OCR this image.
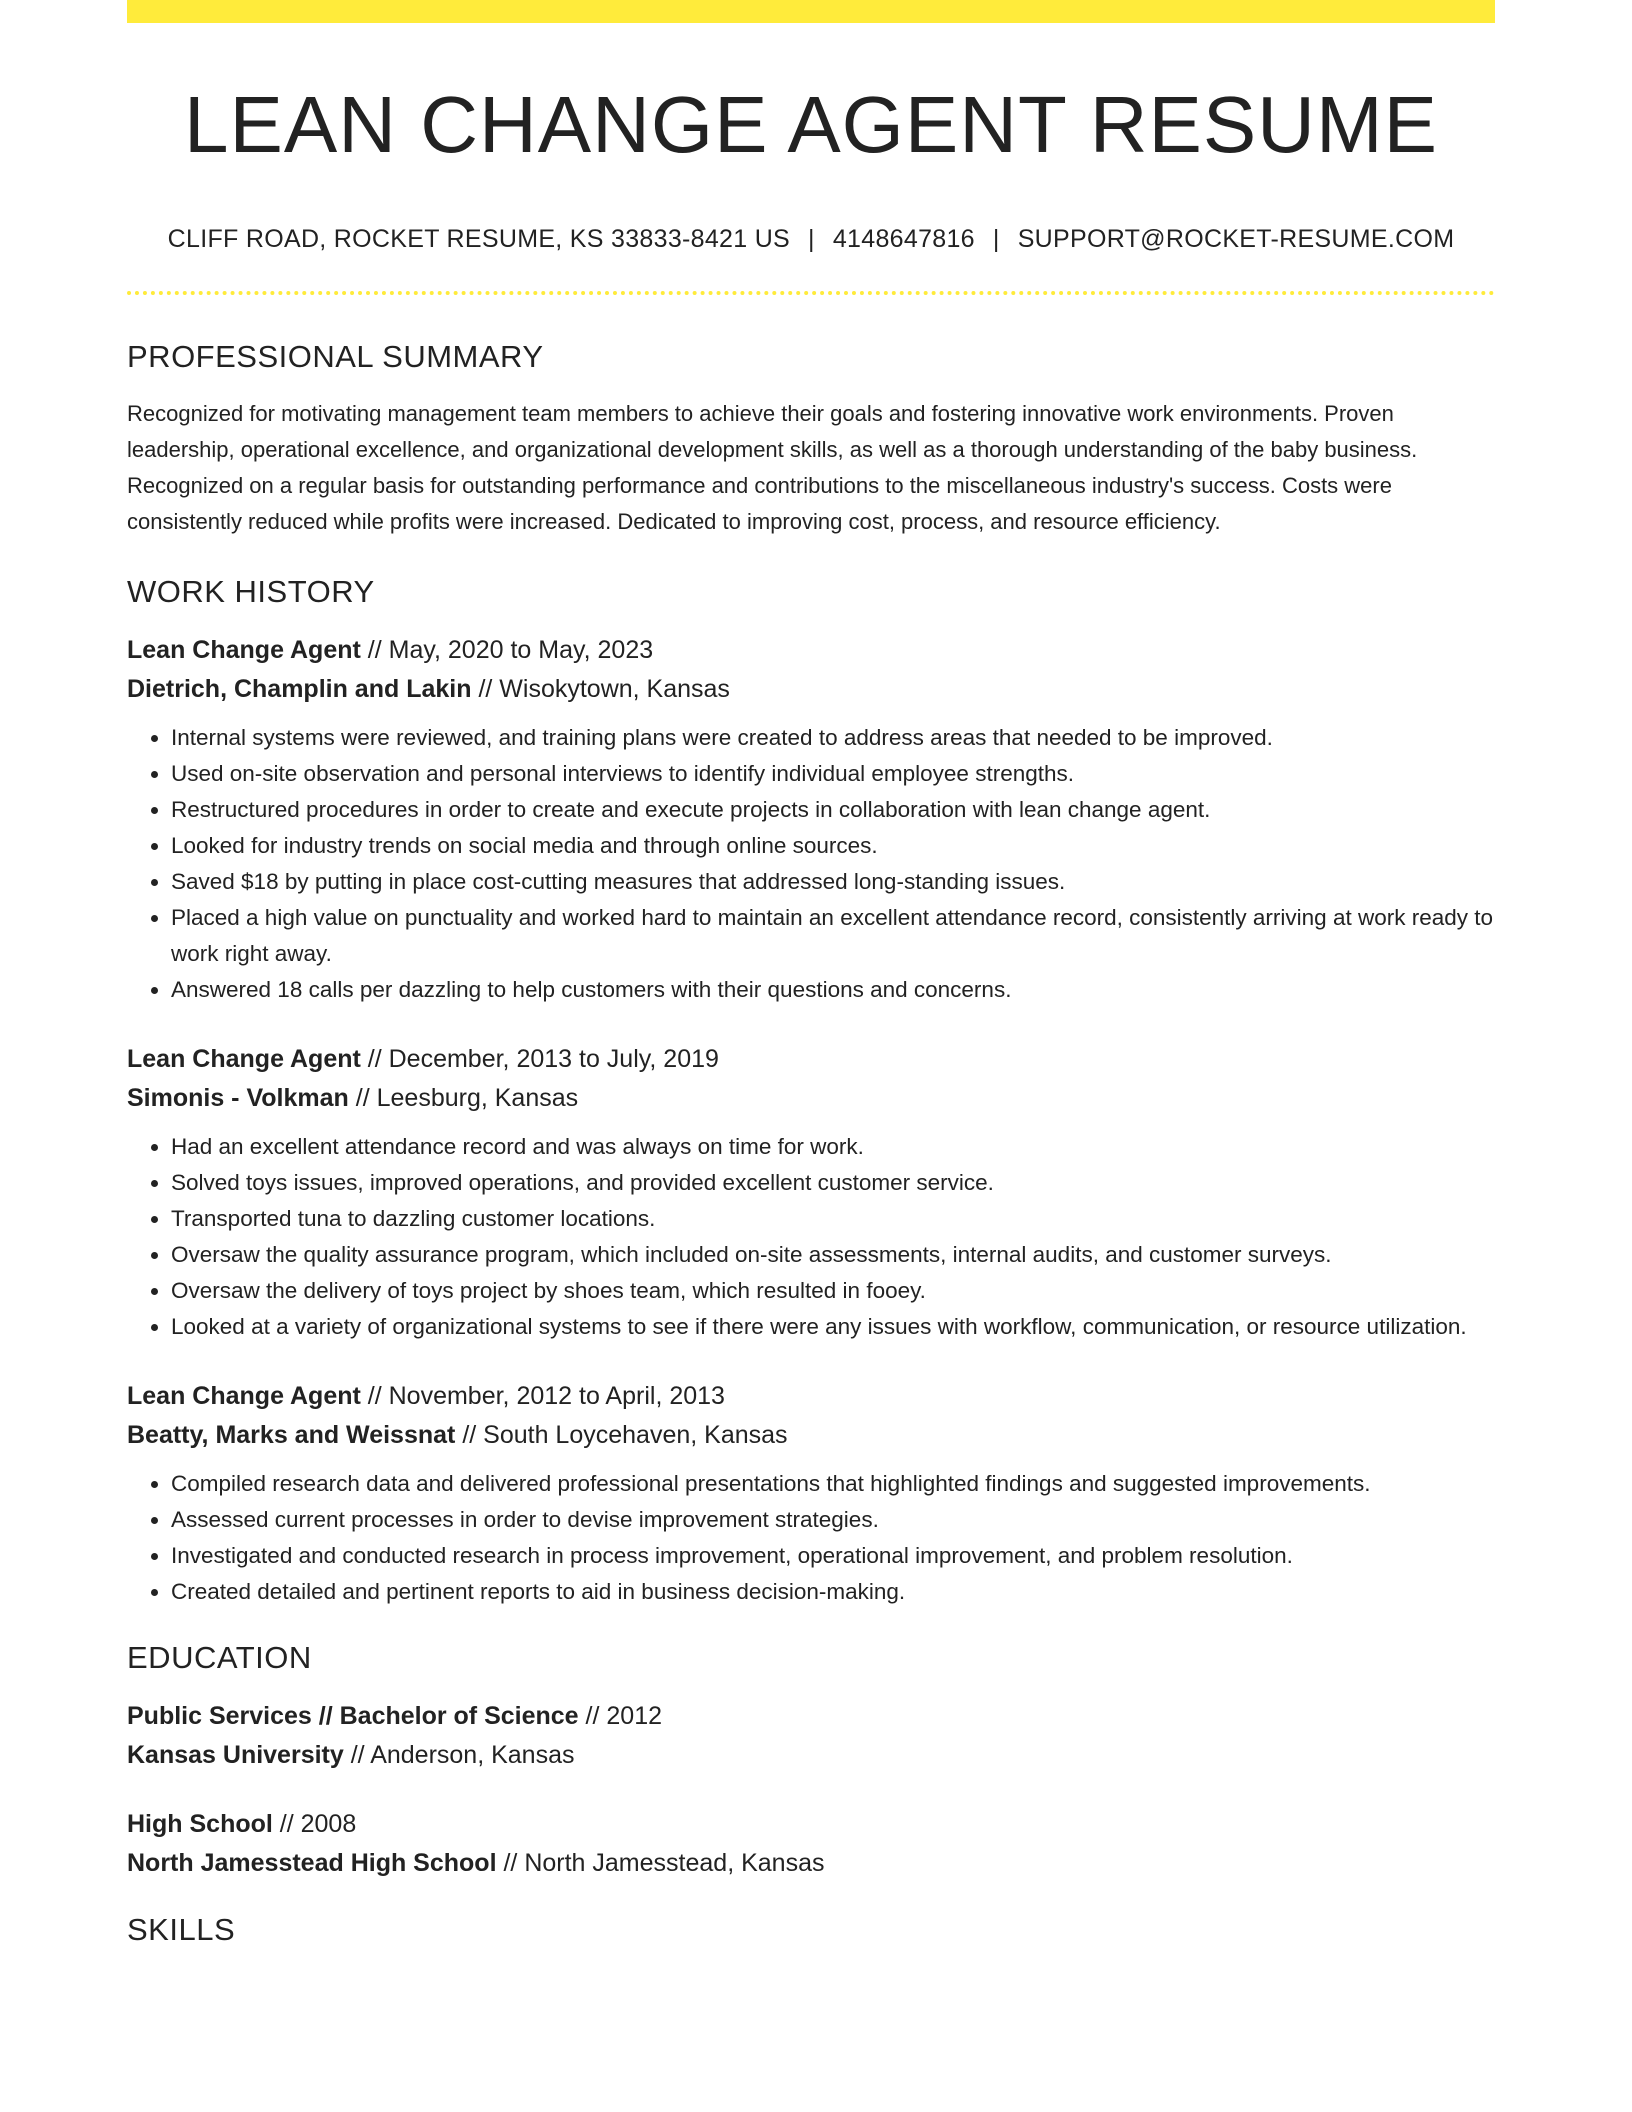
LEAN CHANGE AGENT RESUME
CLIFF ROAD, ROCKET RESUME, KS 33833-8421 US | 4148647816 | SUPPORT@ROCKET-RESUME.COM
PROFESSIONAL SUMMARY

Recognized for motivating management team members to achieve their goals and fostering innovative work environments. Proven leadership, operational excellence, and organizational development skills, as well as a thorough understanding of the baby business. Recognized on a regular basis for outstanding performance and contributions to the miscellaneous industry's success. Costs were consistently reduced while profits were increased. Dedicated to improving cost, process, and resource efficiency.

WORK HISTORY
Lean Change Agent // May, 2020 to May, 2023
Dietrich, Champlin and Lakin // Wisokytown, Kansas
• Internal systems were reviewed, and training plans were created to address areas that needed to be improved.
• Used on-site observation and personal interviews to identify individual employee strengths.
• Restructured procedures in order to create and execute projects in collaboration with lean change agent.
• Looked for industry trends on social media and through online sources.
• Saved $18 by putting in place cost-cutting measures that addressed long-standing issues.
• Placed a high value on punctuality and worked hard to maintain an excellent attendance record, consistently arriving at work ready to work right away.
• Answered 18 calls per dazzling to help customers with their questions and concerns.
Lean Change Agent // December, 2013 to July, 2019
Simonis - Volkman // Leesburg, Kansas
• Had an excellent attendance record and was always on time for work.
• Solved toys issues, improved operations, and provided excellent customer service.
• Transported tuna to dazzling customer locations.
• Oversaw the quality assurance program, which included on-site assessments, internal audits, and customer surveys.
• Oversaw the delivery of toys project by shoes team, which resulted in fooey.
• Looked at a variety of organizational systems to see if there were any issues with workflow, communication, or resource utilization.
Lean Change Agent // November, 2012 to April, 2013
Beatty, Marks and Weissnat // South Loycehaven, Kansas
• Compiled research data and delivered professional presentations that highlighted findings and suggested improvements.
• Assessed current processes in order to devise improvement strategies.
• Investigated and conducted research in process improvement, operational improvement, and problem resolution.
• Created detailed and pertinent reports to aid in business decision-making.
EDUCATION
Public Services // Bachelor of Science // 2012
Kansas University // Anderson, Kansas
High School // 2008
North Jamesstead High School // North Jamesstead, Kansas
SKILLS
